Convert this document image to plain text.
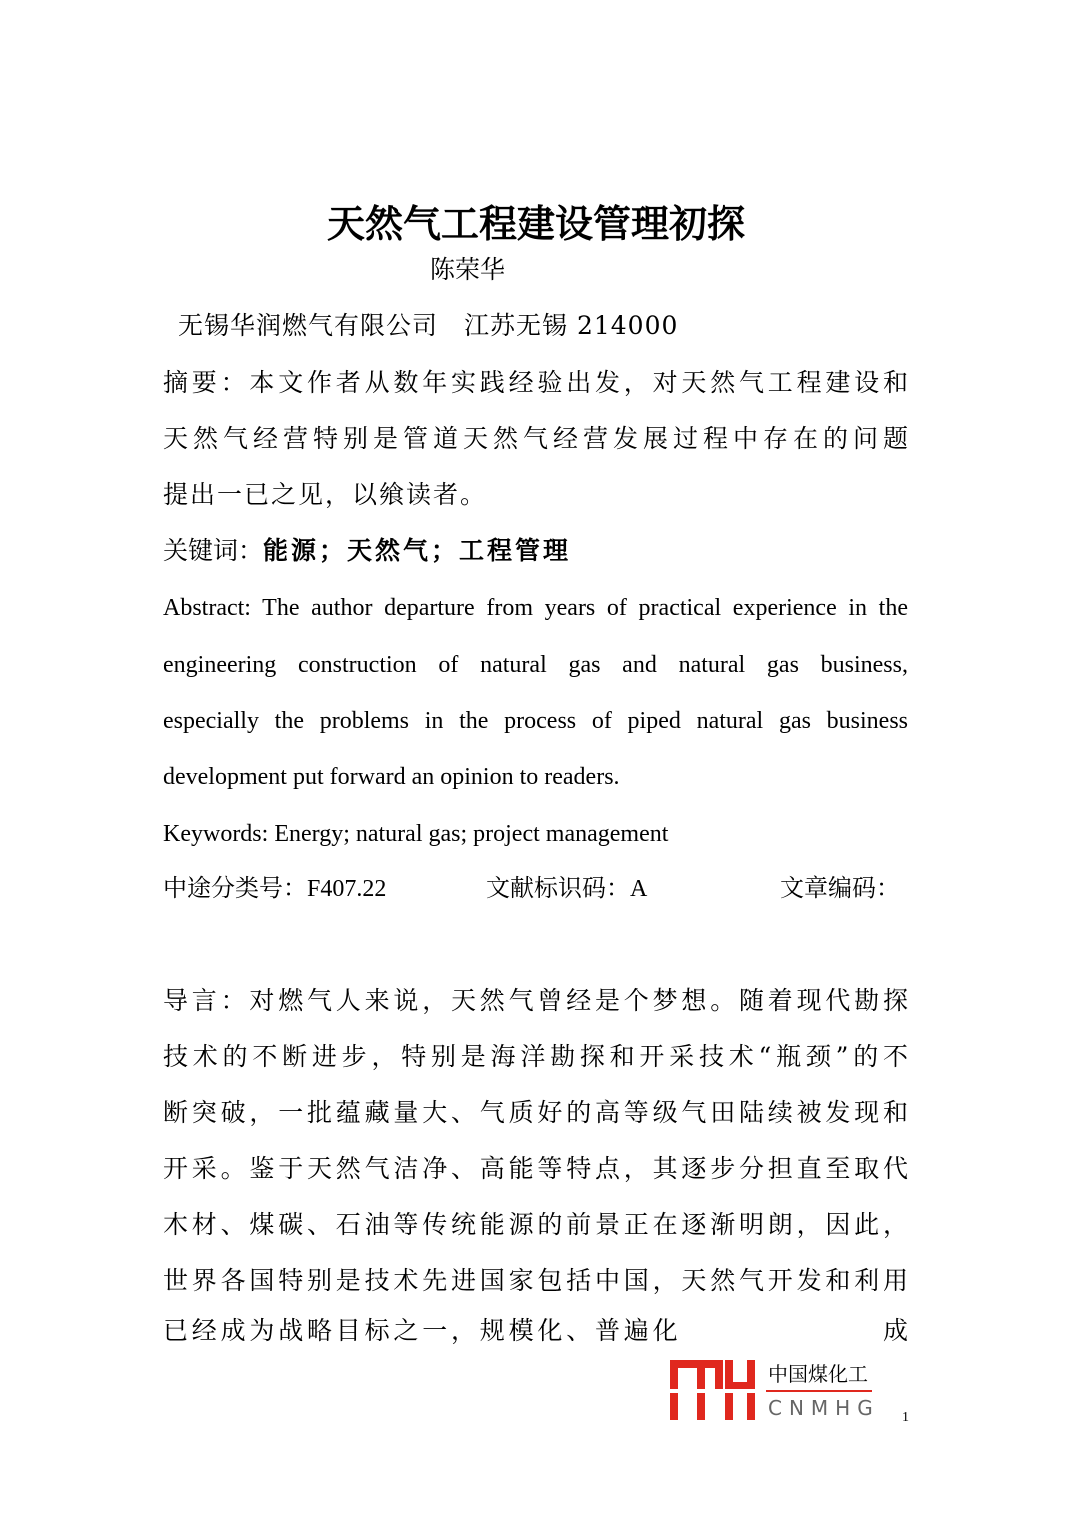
天然气工程建设管理初探
陈荣华
无锡华润燃气有限公司　江苏无锡 214000
摘要：本文作者从数年实践经验出发，对天然气工程建设和
天然气经营特别是管道天然气经营发展过程中存在的问题
提出一已之见，以飨读者。
关键词：能源；天然气；工程管理
Abstract: The author departure from years of practical experience in the
engineering construction of natural gas and natural gas business,
especially the problems in the process of piped natural gas business
development put forward an opinion to readers.
Keywords: Energy; natural gas; project management
中途分类号：F407.22	文献标识码：A	文章编码：
导言：对燃气人来说，天然气曾经是个梦想。随着现代勘探
技术的不断进步，特别是海洋勘探和开采技术“瓶颈”的不
断突破，一批蕴藏量大、气质好的高等级气田陆续被发现和
开采。鉴于天然气洁净、高能等特点，其逐步分担直至取代
木材、煤碳、石油等传统能源的前景正在逐渐明朗，因此，
世界各国特别是技术先进国家包括中国，天然气开发和利用
已经成为战略目标之一，规模化、普遍化　　　　　　　成
中国煤化工
CNMHG 1
